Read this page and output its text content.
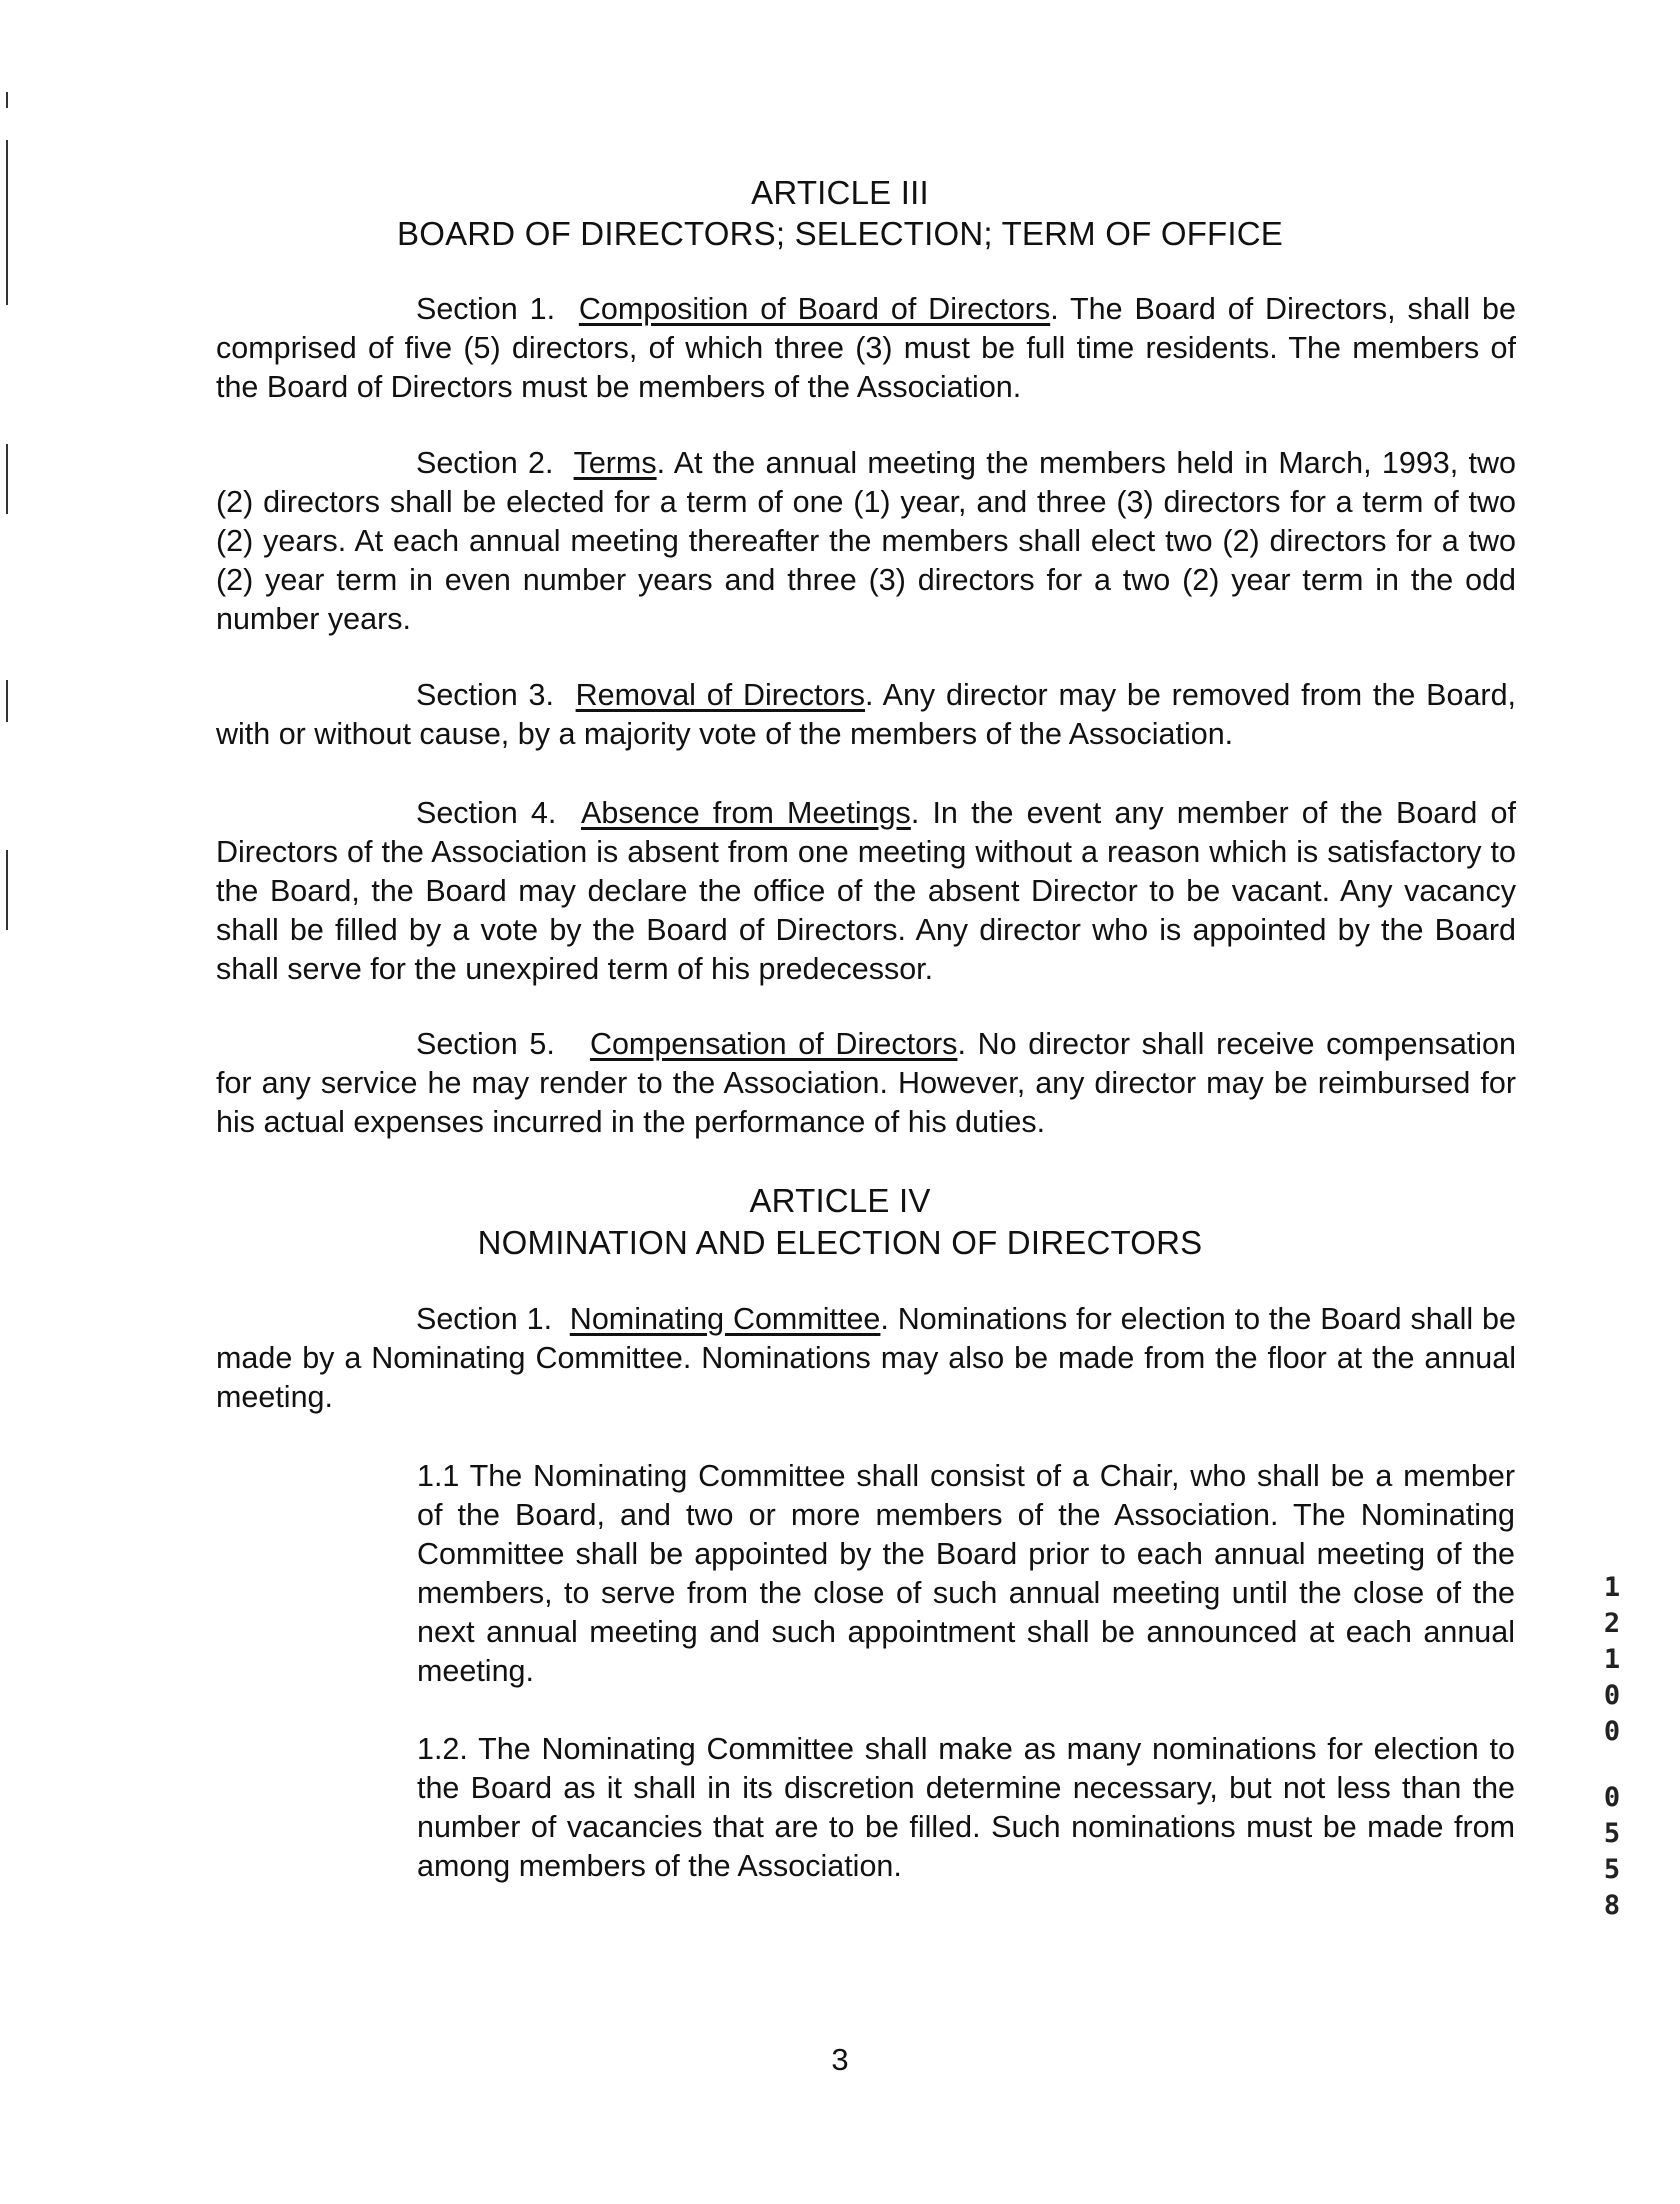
ARTICLE III
BOARD OF DIRECTORS; SELECTION; TERM OF OFFICE
Section 1. Composition of Board of Directors. The Board of Directors, shall be comprised of five (5) directors, of which three (3) must be full time residents. The members of the Board of Directors must be members of the Association.
Section 2. Terms. At the annual meeting the members held in March, 1993, two (2) directors shall be elected for a term of one (1) year, and three (3) directors for a term of two (2) years. At each annual meeting thereafter the members shall elect two (2) directors for a two (2) year term in even number years and three (3) directors for a two (2) year term in the odd number years.
Section 3. Removal of Directors. Any director may be removed from the Board, with or without cause, by a majority vote of the members of the Association.
Section 4. Absence from Meetings. In the event any member of the Board of Directors of the Association is absent from one meeting without a reason which is satisfactory to the Board, the Board may declare the office of the absent Director to be vacant. Any vacancy shall be filled by a vote by the Board of Directors. Any director who is appointed by the Board shall serve for the unexpired term of his predecessor.
Section 5. Compensation of Directors. No director shall receive compensation for any service he may render to the Association. However, any director may be reimbursed for his actual expenses incurred in the performance of his duties.
ARTICLE IV
NOMINATION AND ELECTION OF DIRECTORS
Section 1. Nominating Committee. Nominations for election to the Board shall be made by a Nominating Committee. Nominations may also be made from the floor at the annual meeting.
1.1 The Nominating Committee shall consist of a Chair, who shall be a member of the Board, and two or more members of the Association. The Nominating Committee shall be appointed by the Board prior to each annual meeting of the members, to serve from the close of such annual meeting until the close of the next annual meeting and such appointment shall be announced at each annual meeting.
1.2. The Nominating Committee shall make as many nominations for election to the Board as it shall in its discretion determine necessary, but not less than the number of vacancies that are to be filled. Such nominations must be made from among members of the Association.
3
1
2
1
0
0
0
5
5
8
